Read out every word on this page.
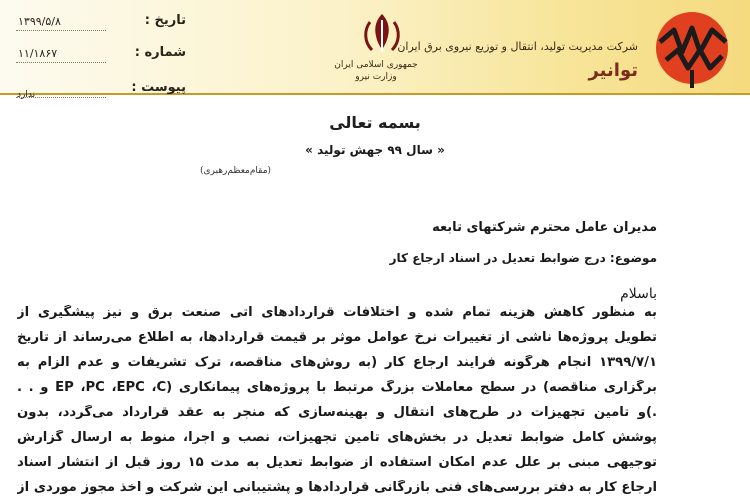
شرکت مدیریت تولید، انتقال و توزیع نیروی برق ایران
توانیر
جمهوری اسلامی ایران
وزارت نیرو
تاریخ :
۱۳۹۹/۵/۸
شماره :
۱۱/۱۸۶۷
پیوست :
ندارد
بسمه تعالی
« سال ۹۹ جهش تولید »
(مقام‌معظم‌رهبری)
مدیران عامل محترم شرکتهای تابعه
موضوع: درج ضوابط تعدیل در اسناد ارجاع کار
باسلام
به منظور کاهش هزینه تمام شده و اختلافات قراردادهای آتی صنعت برق و نیز پیشگیری از
تطویل پروژه‌ها ناشی از تغییرات نرخ عوامل موثر بر قیمت قراردادها، به اطلاع می‌رساند از تاریخ
۱۳۹۹/۷/۱ انجام هرگونه فرایند ارجاع کار (به روش‌های مناقصه، ترک تشریفات و عدم الزام به
برگزاری مناقصه) در سطح معاملات بزرگ مرتبط با پروژه‌های پیمانکاری (EP ،PC ،EPC ،C و . .
.)و تامین تجهیزات در طرح‌های انتقال و بهینه‌سازی که منجر به عقد قرارداد می‌گردد، بدون
پوشش کامل ضوابط تعدیل در بخش‌های تامین تجهیزات، نصب و اجرا، منوط به ارسال گزارش
توجیهی مبنی بر علل عدم امکان استفاده از ضوابط تعدیل به مدت ۱۵ روز قبل از انتشار اسناد
ارجاع کار به دفتر بررسی‌های فنی بازرگانی قراردادها و پشتیبانی این شرکت و اخذ مجوز موردی از
